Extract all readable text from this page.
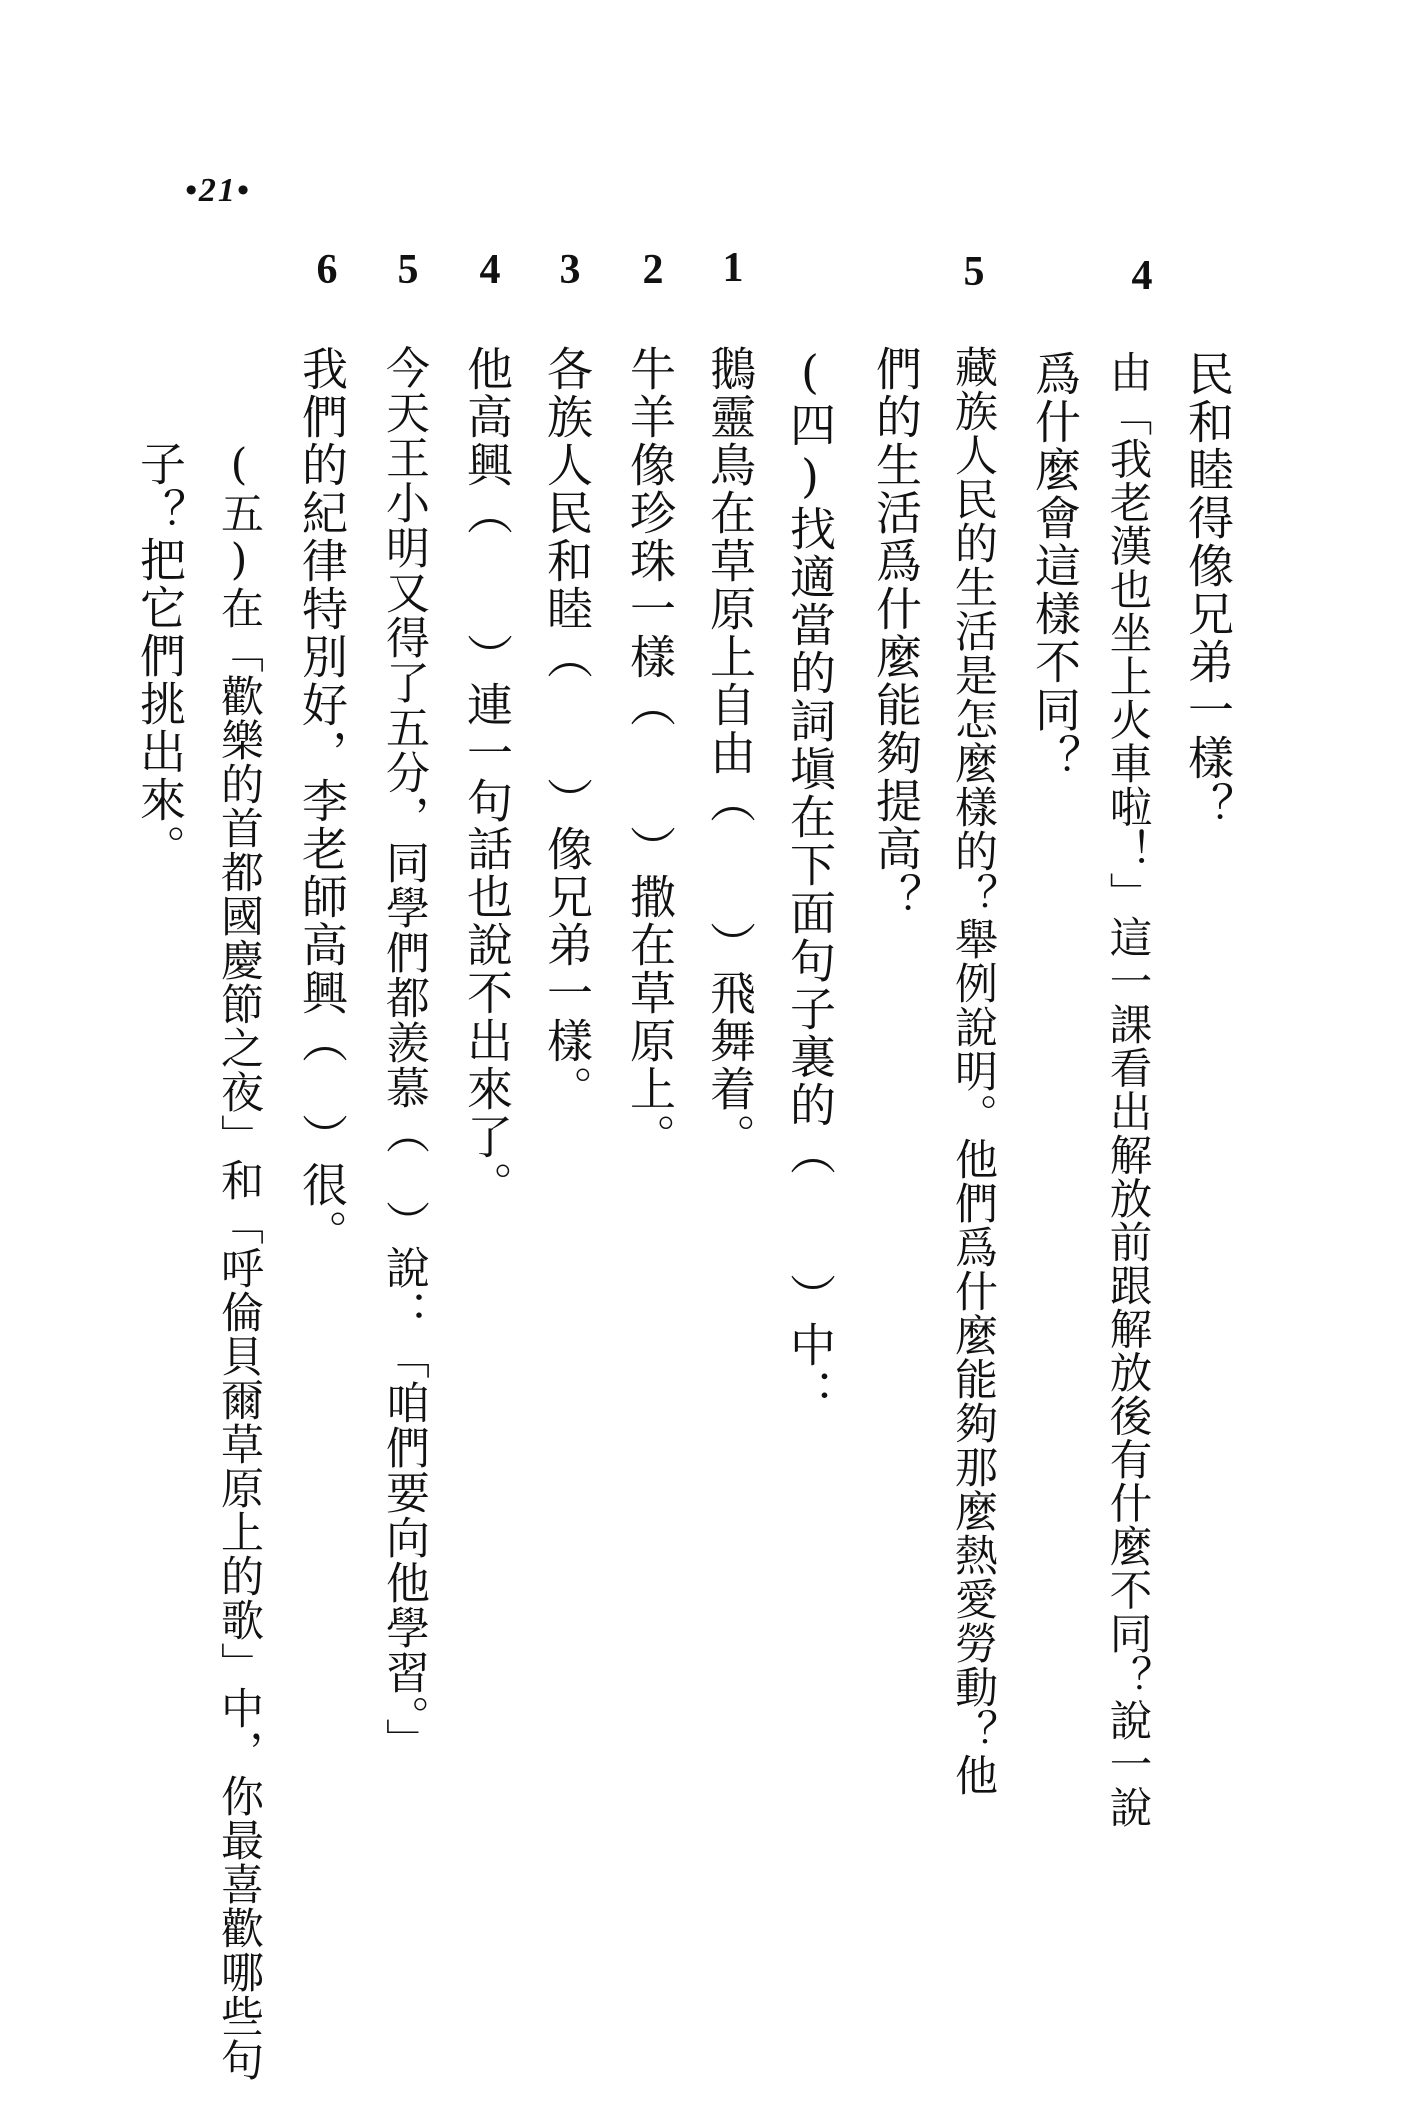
•21•
4
5
1
2
3
4
5
6
民和睦得像兄弟一樣？
由「我老漢也坐上火車啦！」這一課看出解放前跟解放後有什麼不同？說一說
爲什麼會這樣不同？
藏族人民的生活是怎麼樣的？舉例說明。他們爲什麼能夠那麼熱愛勞動？他
們的生活爲什麼能夠提高？
(四)找適當的詞塡在下面句子裏的（　　）中：
鵝靈鳥在草原上自由（　　）飛舞着。
牛羊像珍珠一樣（　　）撒在草原上。
各族人民和睦（　　）像兄弟一樣。
他高興（　　）連一句話也說不出來了。
今天王小明又得了五分，同學們都羨慕（　）說：「咱們要向他學習。」
我們的紀律特別好，李老師高興（　）很。
(五)在「歡樂的首都國慶節之夜」和「呼倫貝爾草原上的歌」中，你最喜歡哪些句
子？把它們挑出來。
